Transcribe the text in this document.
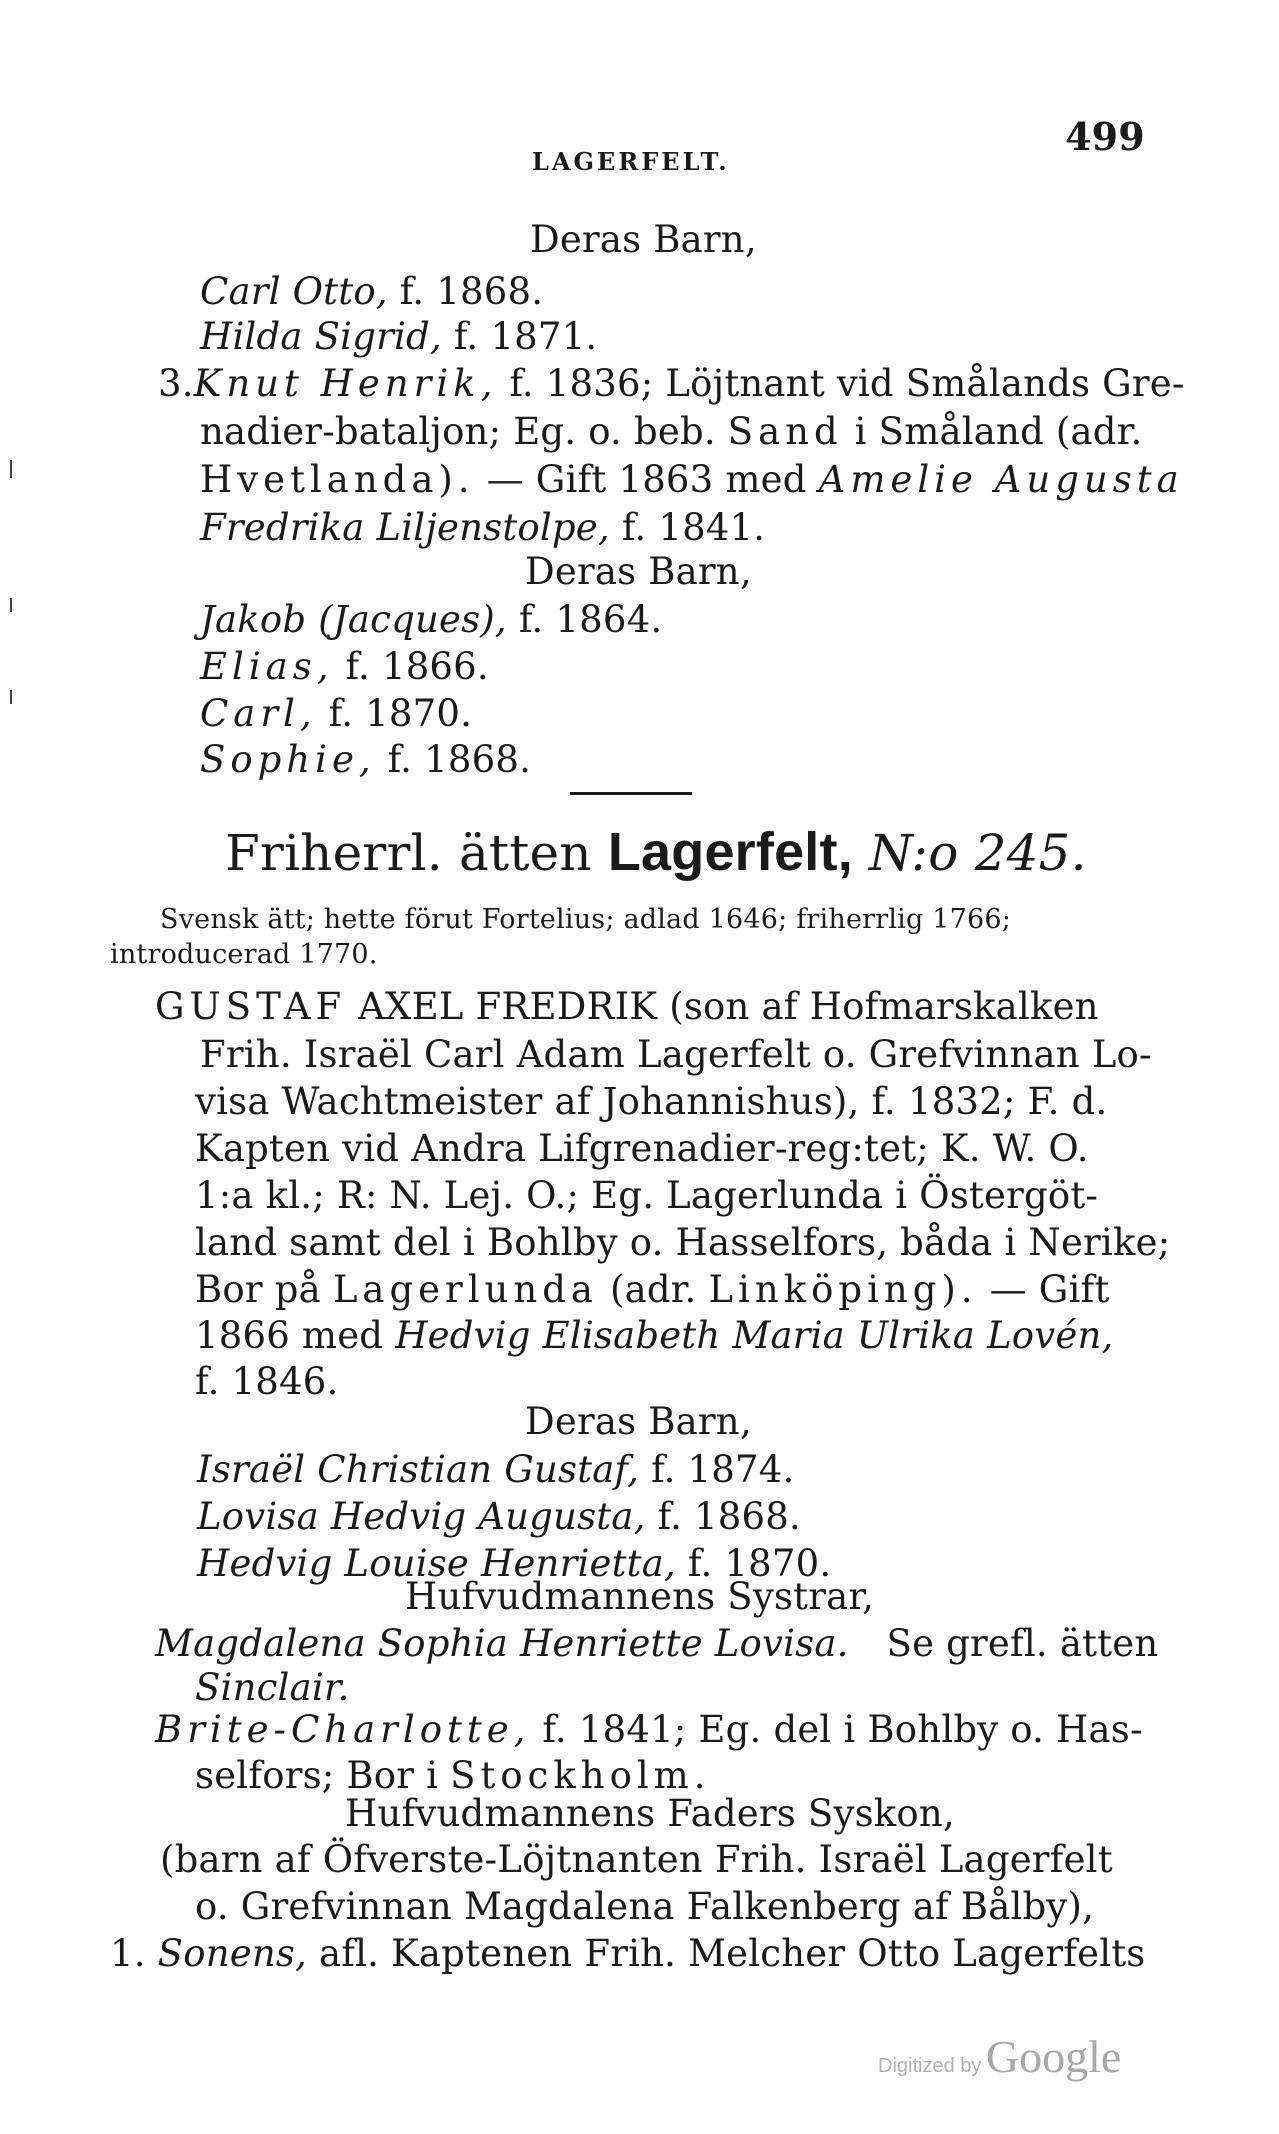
LAGERFELT.
499
Deras Barn,
Carl Otto, f. 1868.
Hilda Sigrid, f. 1871.
3.Knut Henrik, f. 1836; Löjtnant vid Smålands Gre-
nadier-bataljon; Eg. o. beb. Sand i Småland (adr.
Hvetlanda). — Gift 1863 med Amelie Augusta
Fredrika Liljenstolpe, f. 1841.
Deras Barn,
Jakob (Jacques), f. 1864.
Elias, f. 1866.
Carl, f. 1870.
Sophie, f. 1868.
Friherrl. ätten Lagerfelt, N:o 245.
Svensk ätt; hette förut Fortelius; adlad 1646; friherrlig 1766;
introducerad 1770.
GUSTAF AXEL FREDRIK (son af Hofmarskalken
Frih. Israël Carl Adam Lagerfelt o. Grefvinnan Lo-
visa Wachtmeister af Johannishus), f. 1832; F. d.
Kapten vid Andra Lifgrenadier-reg:tet; K. W. O.
1:a kl.; R: N. Lej. O.; Eg. Lagerlunda i Östergöt-
land samt del i Bohlby o. Hasselfors, båda i Nerike;
Bor på Lagerlunda (adr. Linköping). — Gift
1866 med Hedvig Elisabeth Maria Ulrika Lovén,
f. 1846.
Deras Barn,
Israël Christian Gustaf, f. 1874.
Lovisa Hedvig Augusta, f. 1868.
Hedvig Louise Henrietta, f. 1870.
Hufvudmannens Systrar,
Magdalena Sophia Henriette Lovisa. Se grefl. ätten
Sinclair.
Brite-Charlotte, f. 1841; Eg. del i Bohlby o. Has-
selfors; Bor i Stockholm.
Hufvudmannens Faders Syskon,
(barn af Öfverste-Löjtnanten Frih. Israël Lagerfelt
o. Grefvinnan Magdalena Falkenberg af Bålby),
1. Sonens, afl. Kaptenen Frih. Melcher Otto Lagerfelts
Digitized by Google
